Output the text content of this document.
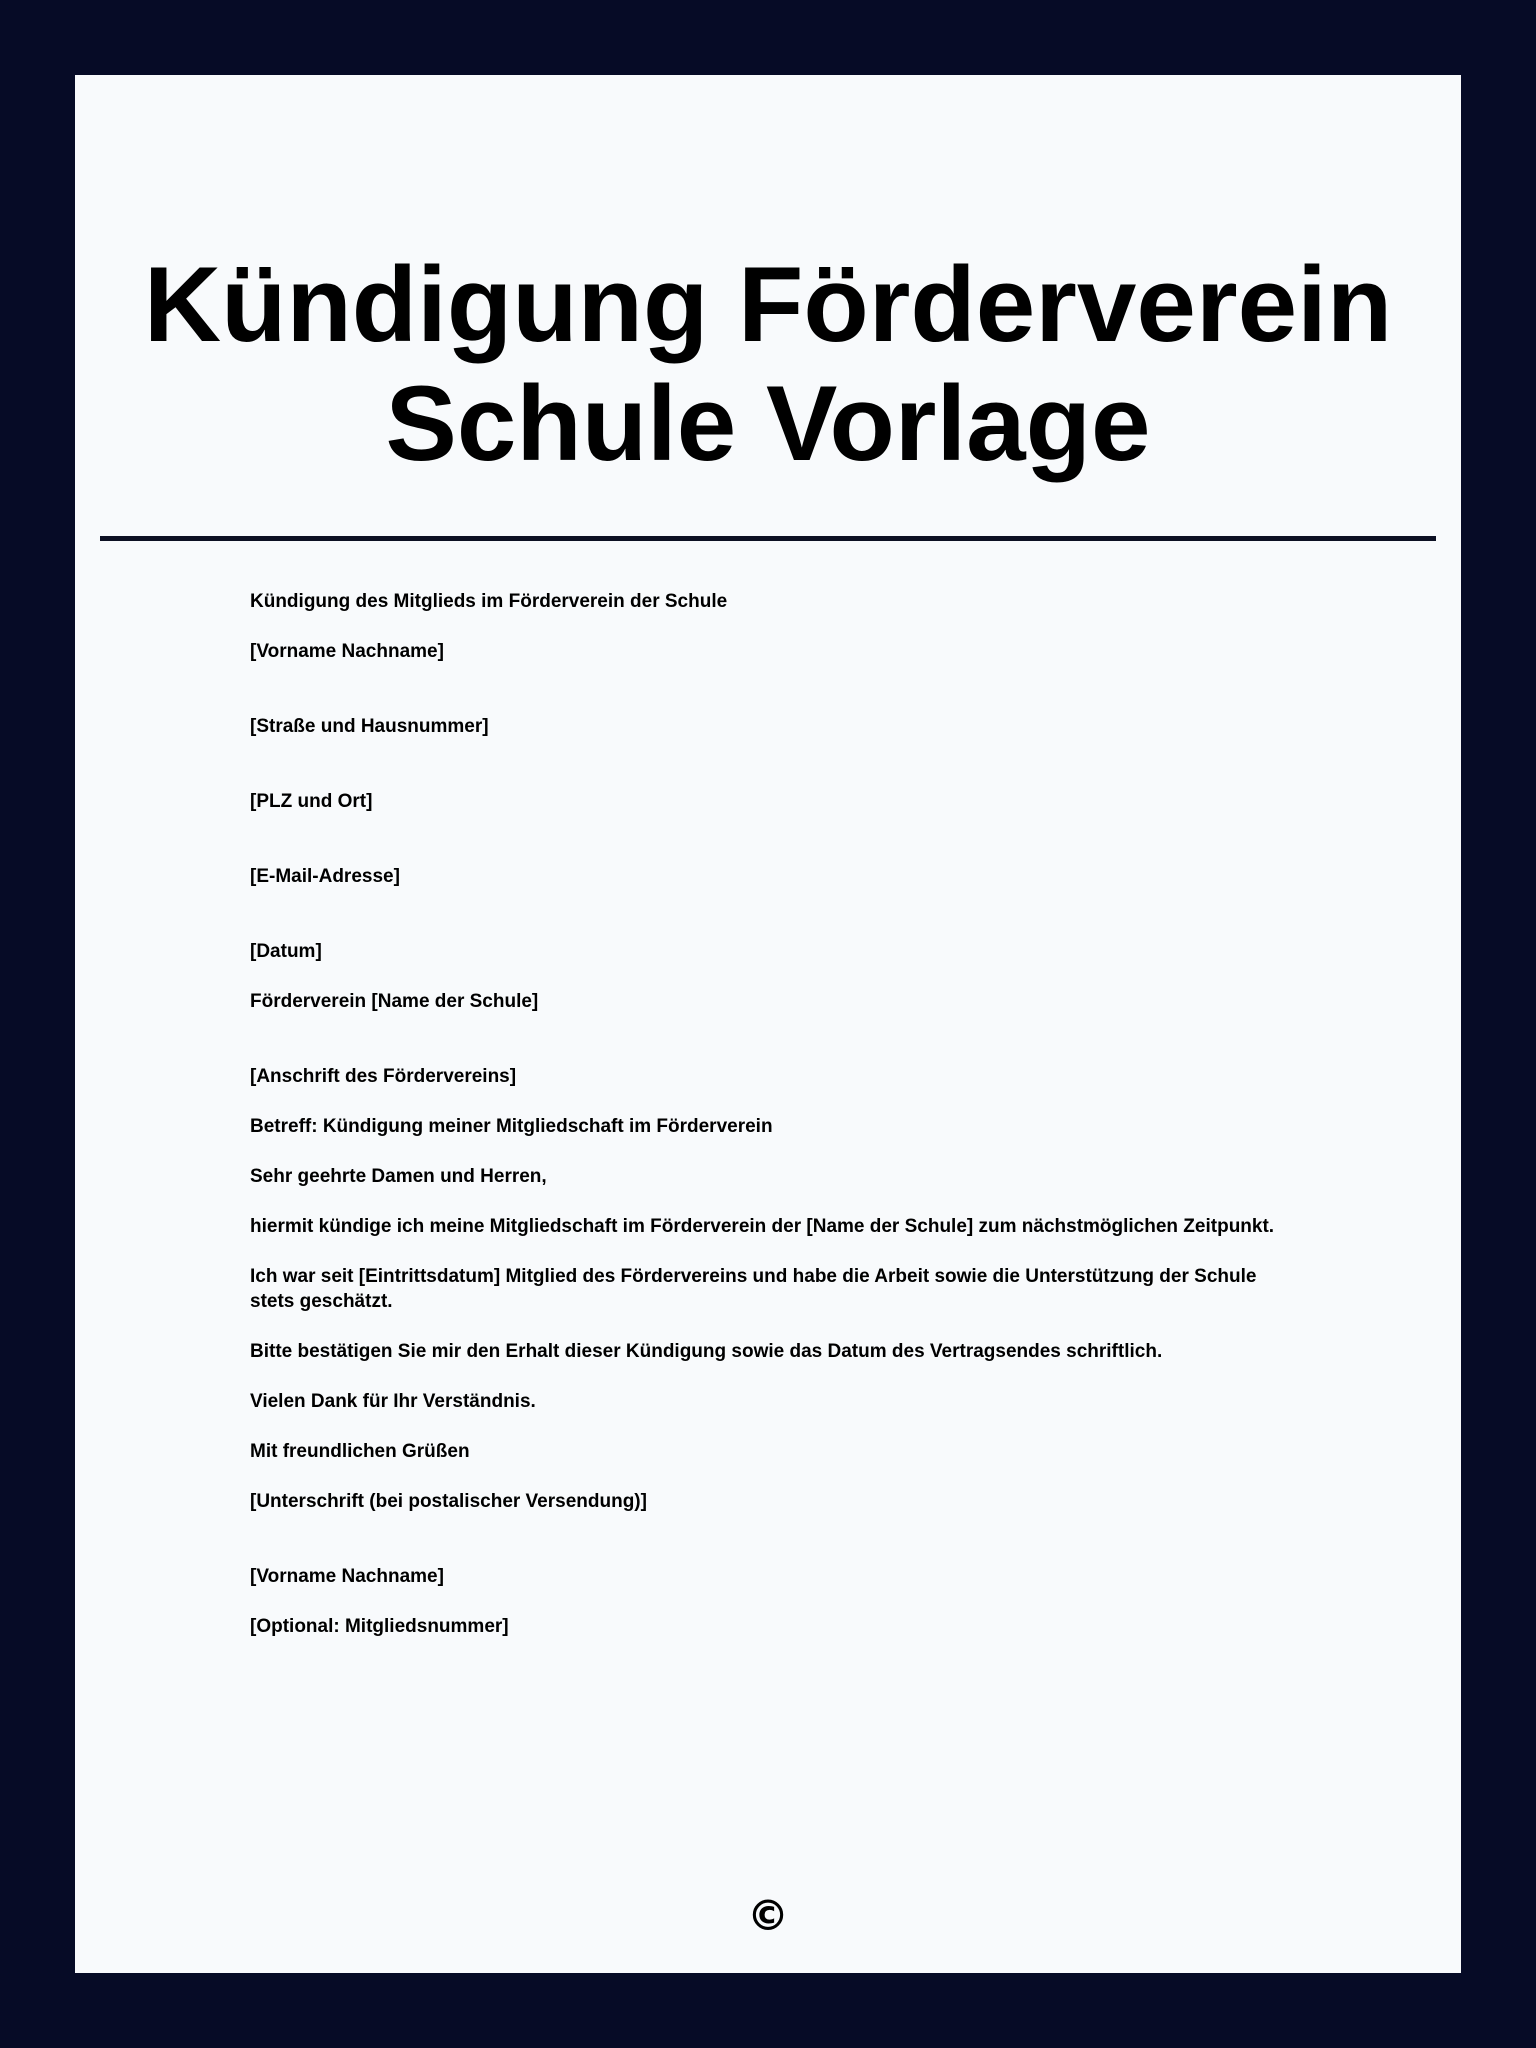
Kündigung Förderverein Schule Vorlage

Kündigung des Mitglieds im Förderverein der Schule

[Vorname Nachname]

[Straße und Hausnummer]

[PLZ und Ort]

[E-Mail-Adresse]

[Datum]

Förderverein [Name der Schule]

[Anschrift des Fördervereins]

Betreff: Kündigung meiner Mitgliedschaft im Förderverein

Sehr geehrte Damen und Herren,

hiermit kündige ich meine Mitgliedschaft im Förderverein der [Name der Schule] zum nächstmöglichen Zeitpunkt.

Ich war seit [Eintrittsdatum] Mitglied des Fördervereins und habe die Arbeit sowie die Unterstützung der Schule stets geschätzt.

Bitte bestätigen Sie mir den Erhalt dieser Kündigung sowie das Datum des Vertragsendes schriftlich.

Vielen Dank für Ihr Verständnis.

Mit freundlichen Grüßen

[Unterschrift (bei postalischer Versendung)]

[Vorname Nachname]

[Optional: Mitgliedsnummer]

©
